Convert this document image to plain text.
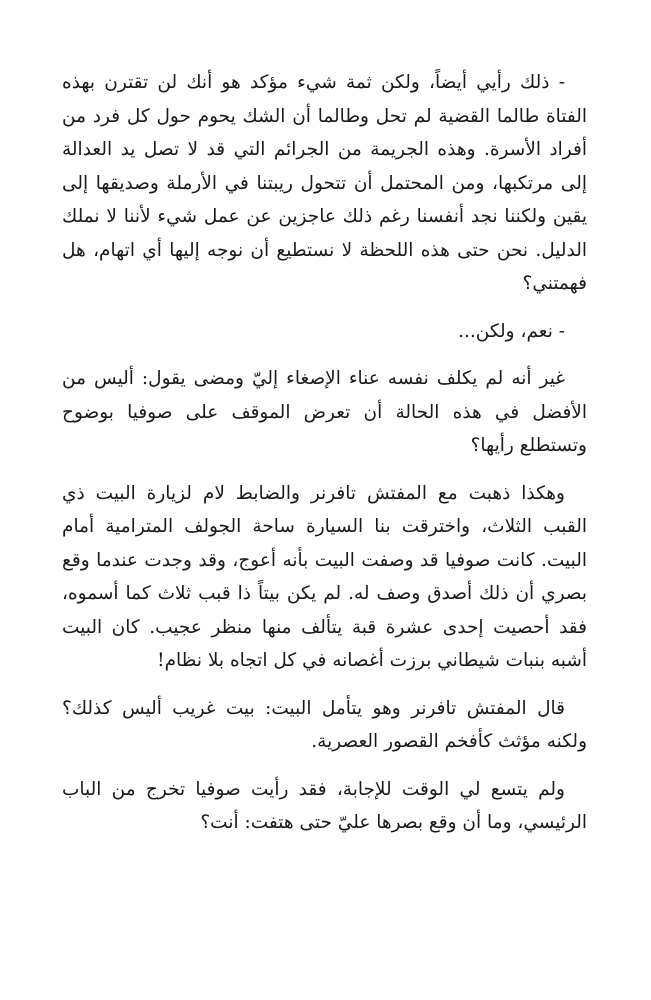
- ذلك رأيي أيضاً، ولكن ثمة شيء مؤكد هو أنك لن تقترن بهذه الفتاة طالما القضية لم تحل وطالما أن الشك يحوم حول كل فرد من أفراد الأسرة. وهذه الجريمة من الجرائم التي قد لا تصل يد العدالة إلى مرتكبها، ومن المحتمل أن تتحول ريبتنا في الأرملة وصديقها إلى يقين ولكننا نجد أنفسنا رغم ذلك عاجزين عن عمل شيء لأننا لا نملك الدليل. نحن حتى هذه اللحظة لا نستطيع أن نوجه إليها أي اتهام، هل فهمتني؟

- نعم، ولكن...

غير أنه لم يكلف نفسه عناء الإصغاء إليّ ومضى يقول: أليس من الأفضل في هذه الحالة أن تعرض الموقف على صوفيا بوضوح وتستطلع رأيها؟

وهكذا ذهبت مع المفتش تافرنر والضابط لام لزيارة البيت ذي القبب الثلاث، واخترقت بنا السيارة ساحة الجولف المترامية أمام البيت. كانت صوفيا قد وصفت البيت بأنه أعوج، وقد وجدت عندما وقع بصري أن ذلك أصدق وصف له. لم يكن بيتاً ذا قبب ثلاث كما أسموه، فقد أحصيت إحدى عشرة قبة يتألف منها منظر عجيب. كان البيت أشبه بنبات شيطاني برزت أغصانه في كل اتجاه بلا نظام!

قال المفتش تافرنر وهو يتأمل البيت: بيت غريب أليس كذلك؟ ولكنه مؤثث كأفخم القصور العصرية.

ولم يتسع لي الوقت للإجابة، فقد رأيت صوفيا تخرج من الباب الرئيسي، وما أن وقع بصرها عليّ حتى هتفت: أنت؟
